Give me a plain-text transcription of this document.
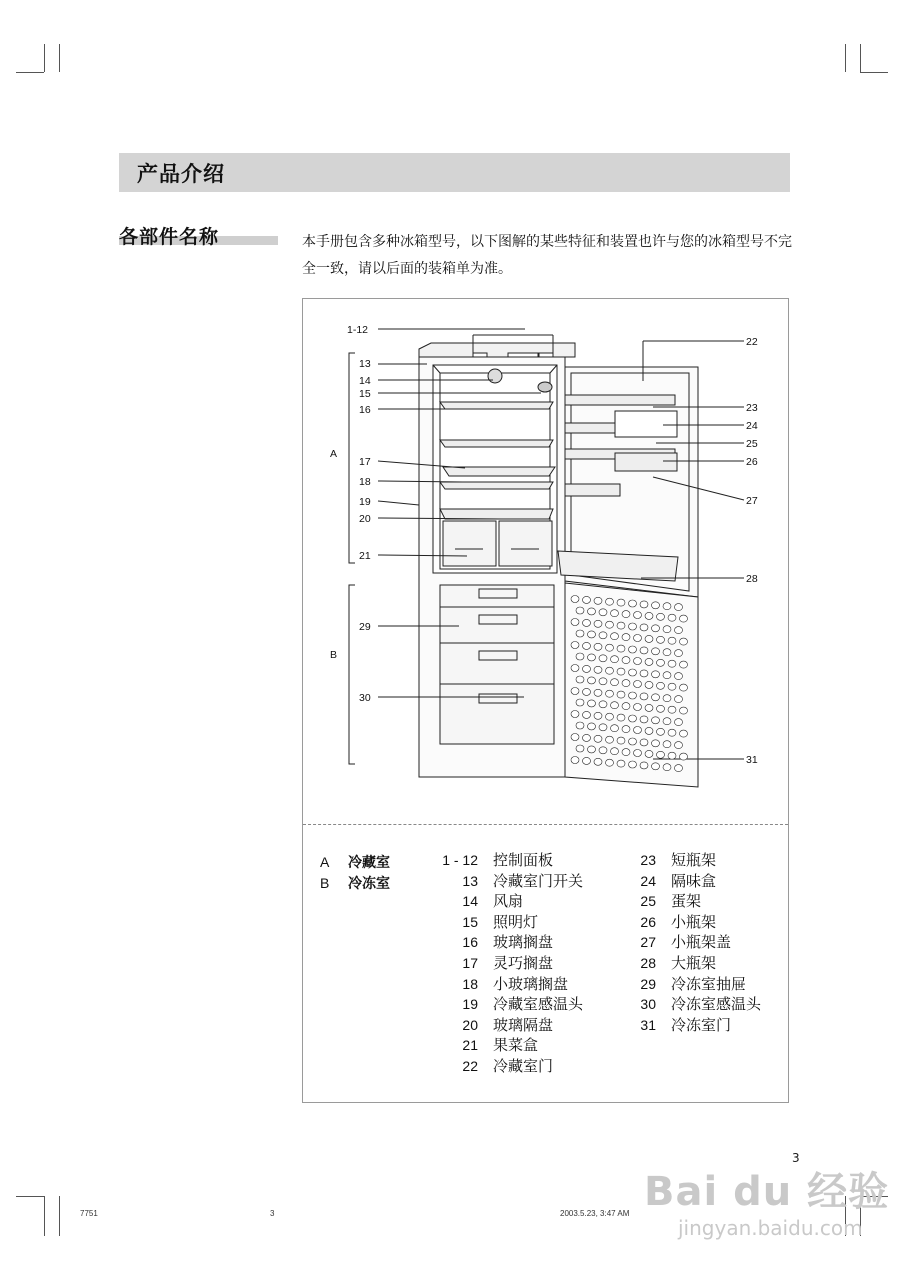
产品介绍
各部件名称	本手册包含多种冰箱型号，以下图解的某些特征和装置也许与您的冰箱型号不完全一致，请以后面的装箱单为准。
1-12
13
14
15
16
17
18
19
20
21
29
30
A
B
22
23
24
25
26
27
28
31
A 冷藏室
B 冷冻室
1 - 12 控制面板
13 冷藏室门开关
14 风扇
15 照明灯
16 玻璃搁盘
17 灵巧搁盘
18 小玻璃搁盘
19 冷藏室感温头
20 玻璃隔盘
21 果菜盒
22 冷藏室门
23 短瓶架
24 隔味盒
25 蛋架
26 小瓶架
27 小瓶架盖
28 大瓶架
29 冷冻室抽屉
30 冷冻室感温头
31 冷冻室门
3
7751	3	2003.5.23, 3:47 AM Bai du 经验
jingyan.baidu.com
